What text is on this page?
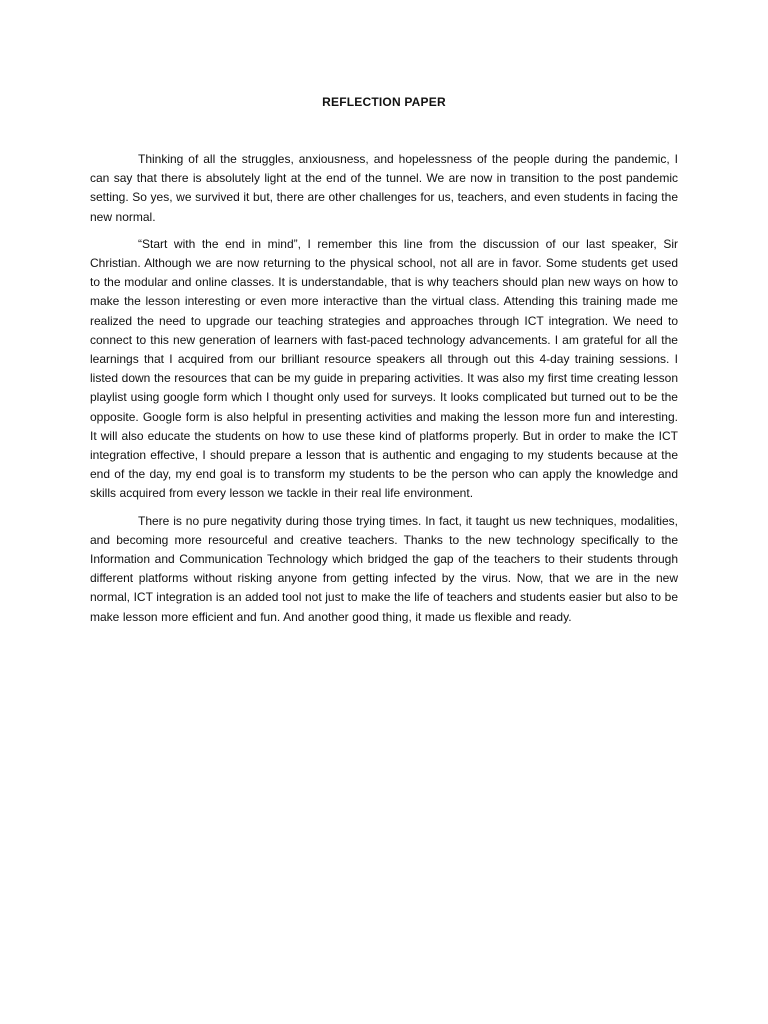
REFLECTION PAPER

Thinking of all the struggles, anxiousness, and hopelessness of the people during the pandemic, I can say that there is absolutely light at the end of the tunnel. We are now in transition to the post pandemic setting. So yes, we survived it but, there are other challenges for us, teachers, and even students in facing the new normal.

“Start with the end in mind”, I remember this line from the discussion of our last speaker, Sir Christian. Although we are now returning to the physical school, not all are in favor. Some students get used to the modular and online classes. It is understandable, that is why teachers should plan new ways on how to make the lesson interesting or even more interactive than the virtual class. Attending this training made me realized the need to upgrade our teaching strategies and approaches through ICT integration. We need to connect to this new generation of learners with fast-paced technology advancements. I am grateful for all the learnings that I acquired from our brilliant resource speakers all through out this 4-day training sessions. I listed down the resources that can be my guide in preparing activities. It was also my first time creating lesson playlist using google form which I thought only used for surveys. It looks complicated but turned out to be the opposite. Google form is also helpful in presenting activities and making the lesson more fun and interesting. It will also educate the students on how to use these kind of platforms properly. But in order to make the ICT integration effective, I should prepare a lesson that is authentic and engaging to my students because at the end of the day, my end goal is to transform my students to be the person who can apply the knowledge and skills acquired from every lesson we tackle in their real life environment.

There is no pure negativity during those trying times. In fact, it taught us new techniques, modalities, and becoming more resourceful and creative teachers. Thanks to the new technology specifically to the Information and Communication Technology which bridged the gap of the teachers to their students through different platforms without risking anyone from getting infected by the virus. Now, that we are in the new normal, ICT integration is an added tool not just to make the life of teachers and students easier but also to be make lesson more efficient and fun. And another good thing, it made us flexible and ready.
